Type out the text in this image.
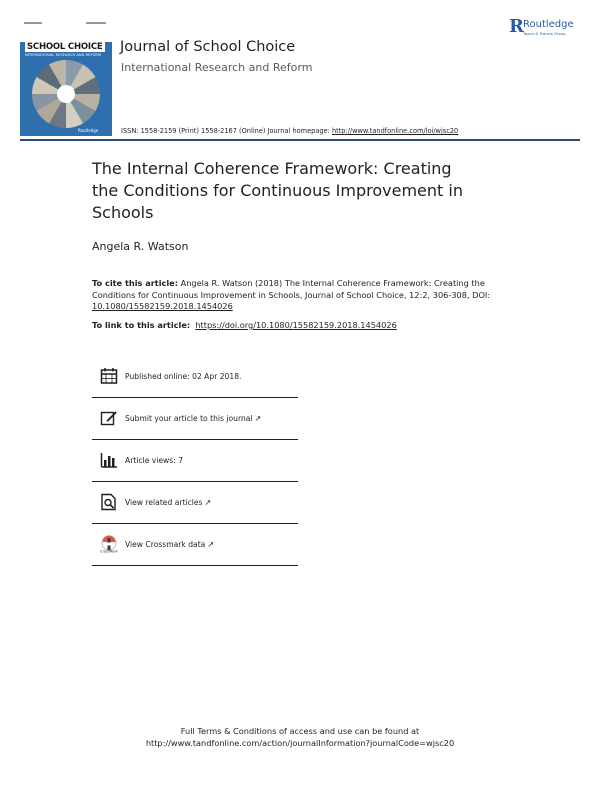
SCHOOL CHOICE
INTERNATIONAL RESEARCH AND REFORM
Routledge
Journal of School Choice
International Research and Reform
R Routledge
Taylor & Francis Group
ISSN: 1558-2159 (Print) 1558-2167 (Online) Journal homepage: http://www.tandfonline.com/loi/wjsc20
The Internal Coherence Framework: Creating
the Conditions for Continuous Improvement in
Schools
Angela R. Watson
To cite this article: Angela R. Watson (2018) The Internal Coherence Framework: Creating the Conditions for Continuous Improvement in Schools, Journal of School Choice, 12:2, 306-308, DOI: 10.1080/15582159.2018.1454026
To link to this article: https://doi.org/10.1080/15582159.2018.1454026
Published online: 02 Apr 2018.
Submit your article to this journal ↗
Article views: 7
View related articles ↗
CrossMark
View Crossmark data ↗
Full Terms & Conditions of access and use can be found at
http://www.tandfonline.com/action/journalInformation?journalCode=wjsc20
